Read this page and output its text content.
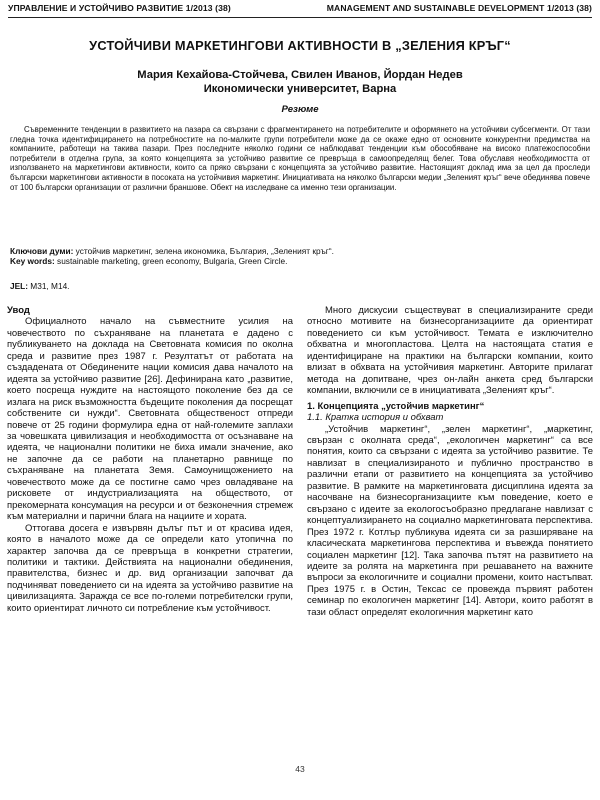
УПРАВЛЕНИЕ И УСТОЙЧИВО РАЗВИТИЕ 1/2013 (38)	MANAGEMENT AND SUSTAINABLE DEVELOPMENT 1/2013 (38)
УСТОЙЧИВИ МАРКЕТИНГОВИ АКТИВНОСТИ В „ЗЕЛЕНИЯ КРЪГ“
Мария Кехайова-Стойчева, Свилен Иванов, Йордан Недев
Икономически университет, Варна
Резюме

Съвременните тенденции в развитието на пазара са свързани с фрагментирането на потребителите и оформянето на устойчиви субсегменти. От тази гледна точка идентифицирането на потребностите на по-малките групи потребители може да се окаже едно от основните конкурентни предимства на компаниите, работещи на такива пазари. През последните няколко години се наблюдават тенденции към обособяване на високо платежоспособни потребители в отделна група, за която концепцията за устойчиво развитие се превръща в самоопределящ белег. Това обуславя необходимостта от използването на маркетингови активности, които са пряко свързани с концепцията за устойчиво развитие. Настоящият доклад има за цел да проследи български маркетингови активности в посоката на устойчивия маркетинг. Инициативата на няколко български медии „Зеленият кръг“ вече обединява повече от 100 български организации от различни браншове. Обект на изследване са именно тези организации.

Ключови думи: устойчив маркетинг, зелена икономика, България, „Зеленият кръг“.

Key words: sustainable marketing, green economy, Bulgaria, Green Circle.

JEL: M31, M14.

Увод

Официалното начало на съвместните усилия на човечеството по съхраняване на планетата е дадено с публикуването на доклада на Световната комисия по околна среда и развитие през 1987 г. Резултатът от работата на създадената от Обединените нации комисия дава началото на идеята за устойчиво развитие [26]. Дефинирана като „развитие, което посреща нуждите на настоящото поколение без да се излага на риск възможността бъдещите поколения да посрещат собствените си нужди“. Световната общественост отпреди повече от 25 години формулира една от най-големите заплахи за човешката цивилизация и необходимостта от осъзнаване на идеята, че национални политики не биха имали значение, ако не започне да се работи на планетарно равнище по съхраняване на планетата Земя. Самоунищожението на човечеството може да се постигне само чрез овладяване на рисковете от индустриализацията на обществото, от прекомерната консумация на ресурси и от безконечния стремеж към материални и парични блага на нациите и хората.

Оттогава досега е извървян дълъг път и от красива идея, която в началото може да се определи като утопична по характер започва да се превръща в конкретни стратегии, политики и тактики. Действията на национални обединения, правителства, бизнес и др. вид организации започват да подчиняват поведението си на идеята за устойчиво развитие на цивилизацията. Заражда се все по-големи потребителски групи, които ориентират личното си потребление към устойчивост.

Много дискусии съществуват в специализираните среди относно мотивите на бизнесорганизациите да ориентират поведението си към устойчивост. Темата е изключително обхватна и многопластова. Целта на настоящата статия е идентифициране на практики на български компании, които влизат в обхвата на устойчивия маркетинг. Авторите прилагат метода на допитване, чрез он-лайн анкета сред български компании, включили се в инициативата „Зеленият кръг“.

1. Концепцията „устойчив маркетинг“

1.1. Кратка история и обхват

„Устойчив маркетинг“, „зелен маркетинг“, „маркетинг, свързан с околната среда“, „екологичен маркетинг“ са все понятия, които са свързани с идеята за устойчиво развитие. Те навлизат в специализираното и публично пространство в различни етапи от развитието на концепцията за устойчиво развитие. В рамките на маркетинговата дисциплина идеята за насочване на бизнесорганизациите към поведение, което е свързано с идеите за екологосъобразно предлагане навлизат с концептуализирането на социално маркетинговата перспектива. През 1972 г. Котлър публикува идеята си за разширяване на класическата маркетингова перспектива и въвежда понятието социален маркетинг [12]. Така започва пътят на развитието на идеите за ролята на маркетинга при решаването на важните въпроси за екологичните и социални промени, които настъпват. През 1975 г. в Остин, Тексас се провежда първият работен семинар по екологичен маркетинг [14]. Автори, които работят в тази област определят екологичния маркетинг като

43
